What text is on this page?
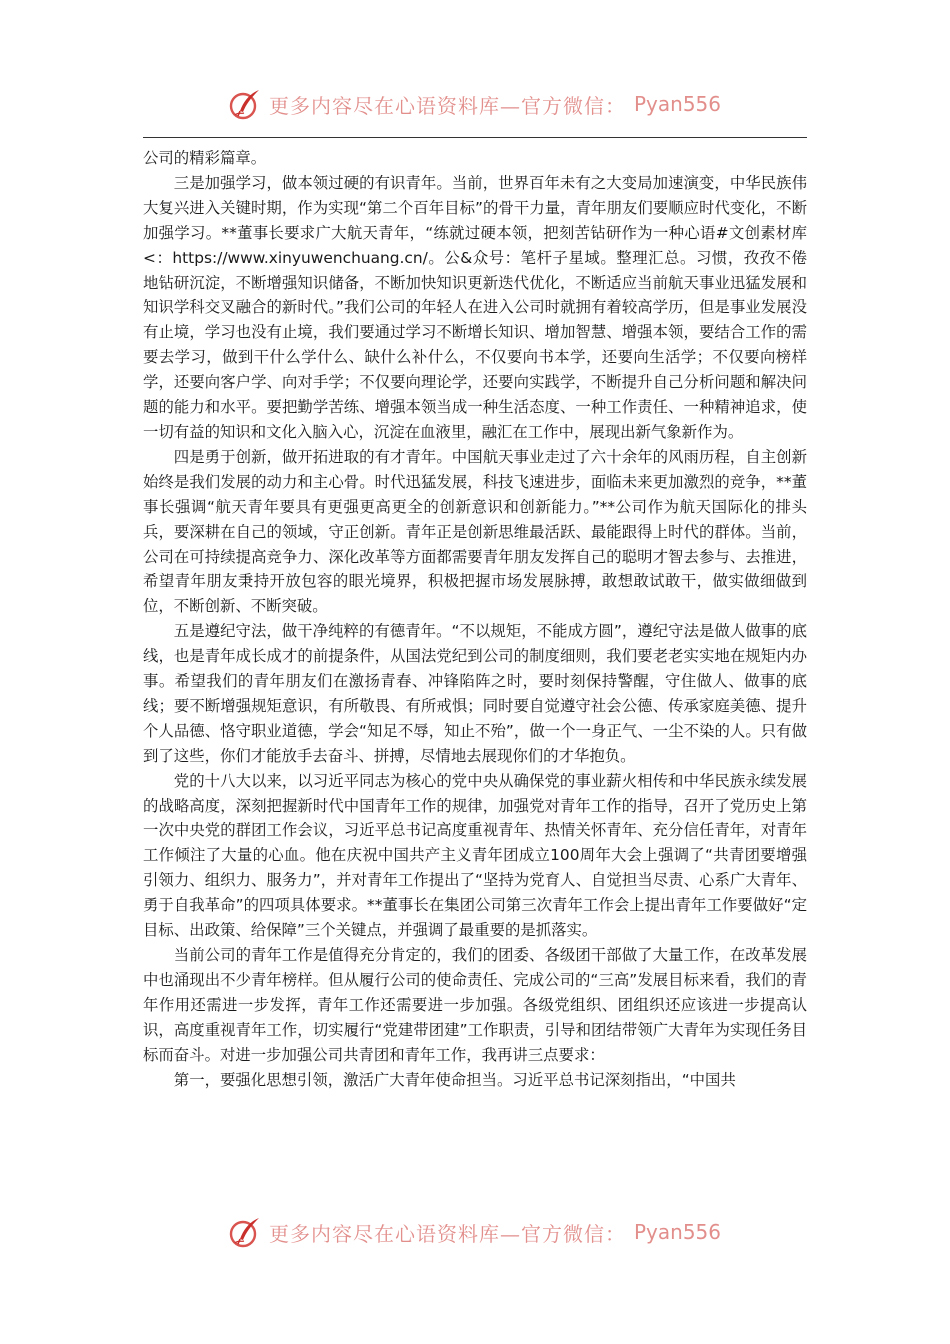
更多内容尽在心语资料库—官方微信： Pyan556

公司的精彩篇章。

三是加强学习，做本领过硬的有识青年。当前，世界百年未有之大变局加速演变，中华民族伟大复兴进入关键时期，作为实现“第二个百年目标”的骨干力量，青年朋友们要顺应时代变化，不断加强学习。**董事长要求广大航天青年，“练就过硬本领，把刻苦钻研作为一种心语#文创素材库<：https://www.xinyuwenchuang.cn/。公&众号：笔杆子星域。整理汇总。习惯，孜孜不倦地钻研沉淀，不断增强知识储备，不断加快知识更新迭代优化，不断适应当前航天事业迅猛发展和知识学科交叉融合的新时代。”我们公司的年轻人在进入公司时就拥有着较高学历，但是事业发展没有止境，学习也没有止境，我们要通过学习不断增长知识、增加智慧、增强本领，要结合工作的需要去学习，做到干什么学什么、缺什么补什么，不仅要向书本学，还要向生活学；不仅要向榜样学，还要向客户学、向对手学；不仅要向理论学，还要向实践学，不断提升自己分析问题和解决问题的能力和水平。要把勤学苦练、增强本领当成一种生活态度、一种工作责任、一种精神追求，使一切有益的知识和文化入脑入心，沉淀在血液里，融汇在工作中，展现出新气象新作为。

四是勇于创新，做开拓进取的有才青年。中国航天事业走过了六十余年的风雨历程，自主创新始终是我们发展的动力和主心骨。时代迅猛发展，科技飞速进步，面临未来更加激烈的竞争，**董事长强调“航天青年要具有更强更高更全的创新意识和创新能力。”**公司作为航天国际化的排头兵，要深耕在自己的领域，守正创新。青年正是创新思维最活跃、最能跟得上时代的群体。当前，公司在可持续提高竞争力、深化改革等方面都需要青年朋友发挥自己的聪明才智去参与、去推进，希望青年朋友秉持开放包容的眼光境界，积极把握市场发展脉搏，敢想敢试敢干，做实做细做到位，不断创新、不断突破。

五是遵纪守法，做干净纯粹的有德青年。“不以规矩，不能成方圆”，遵纪守法是做人做事的底线，也是青年成长成才的前提条件，从国法党纪到公司的制度细则，我们要老老实实地在规矩内办事。希望我们的青年朋友们在激扬青春、冲锋陷阵之时，要时刻保持警醒，守住做人、做事的底线；要不断增强规矩意识，有所敬畏、有所戒惧；同时要自觉遵守社会公德、传承家庭美德、提升个人品德、恪守职业道德，学会“知足不辱，知止不殆”，做一个一身正气、一尘不染的人。只有做到了这些，你们才能放手去奋斗、拼搏，尽情地去展现你们的才华抱负。

党的十八大以来，以习近平同志为核心的党中央从确保党的事业薪火相传和中华民族永续发展的战略高度，深刻把握新时代中国青年工作的规律，加强党对青年工作的指导，召开了党历史上第一次中央党的群团工作会议，习近平总书记高度重视青年、热情关怀青年、充分信任青年，对青年工作倾注了大量的心血。他在庆祝中国共产主义青年团成立100周年大会上强调了“共青团要增强引领力、组织力、服务力”，并对青年工作提出了“坚持为党育人、自觉担当尽责、心系广大青年、勇于自我革命”的四项具体要求。**董事长在集团公司第三次青年工作会上提出青年工作要做好“定目标、出政策、给保障”三个关键点，并强调了最重要的是抓落实。

当前公司的青年工作是值得充分肯定的，我们的团委、各级团干部做了大量工作，在改革发展中也涌现出不少青年榜样。但从履行公司的使命责任、完成公司的“三高”发展目标来看，我们的青年作用还需进一步发挥，青年工作还需要进一步加强。各级党组织、团组织还应该进一步提高认识，高度重视青年工作，切实履行“党建带团建”工作职责，引导和团结带领广大青年为实现任务目标而奋斗。对进一步加强公司共青团和青年工作，我再讲三点要求：

第一，要强化思想引领，激活广大青年使命担当。习近平总书记深刻指出，“中国共

更多内容尽在心语资料库—官方微信： Pyan556
